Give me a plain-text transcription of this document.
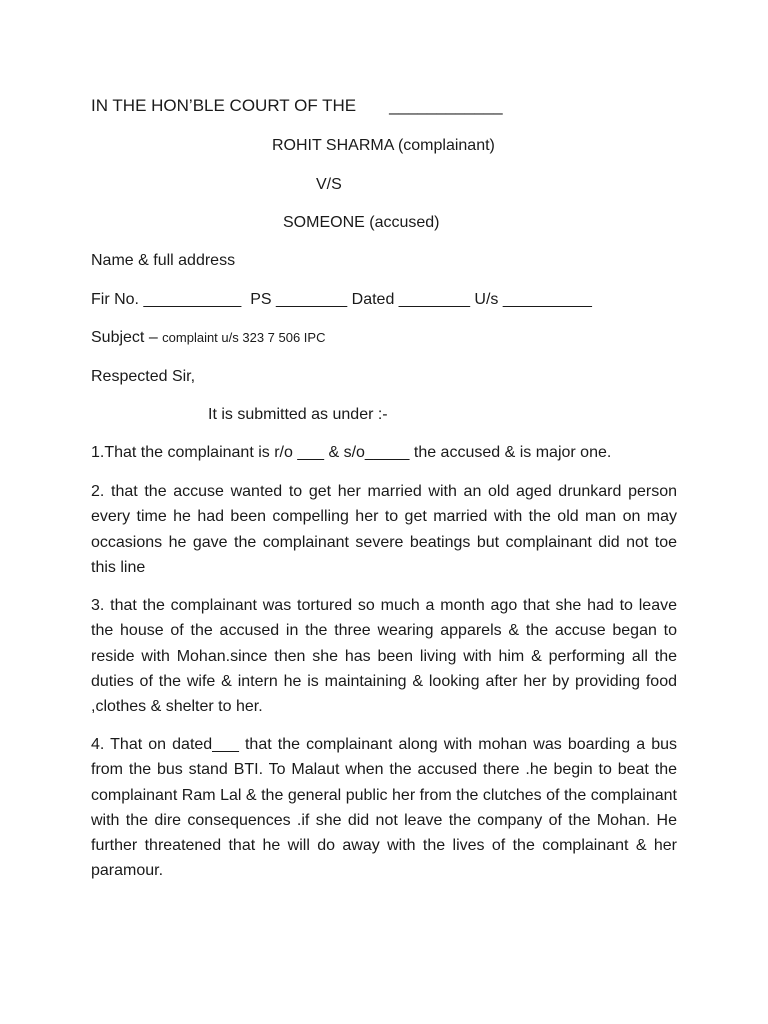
IN THE HON’BLE COURT OF THE       ____________
ROHIT SHARMA (complainant)
V/S
SOMEONE (accused)
Name & full address
Fir No. ___________  PS ________ Dated ________ U/s __________
Subject – complaint u/s 323 7 506 IPC
Respected Sir,
It is submitted as under :-
1.That the complainant is r/o ___ & s/o_____ the accused & is major one.
2. that the accuse wanted to get her married with an old aged drunkard person every time he had been compelling her to get married with the old man on may occasions he gave the complainant severe beatings but complainant did not toe this line
3. that the complainant was tortured so much a month ago that she had to leave the house of the accused in the three wearing apparels & the accuse began to reside with Mohan.since then she has been living with him & performing all the duties of the wife & intern he is maintaining & looking after her by providing food ,clothes & shelter to her.
4. That on dated___ that the complainant along with mohan was boarding a bus from the bus stand BTI. To Malaut when the accused there .he begin to beat the complainant Ram Lal & the general public her from the clutches of the complainant with the dire consequences .if she did not leave the company of the Mohan. He further threatened that he will do away with the lives of the complainant & her paramour.
